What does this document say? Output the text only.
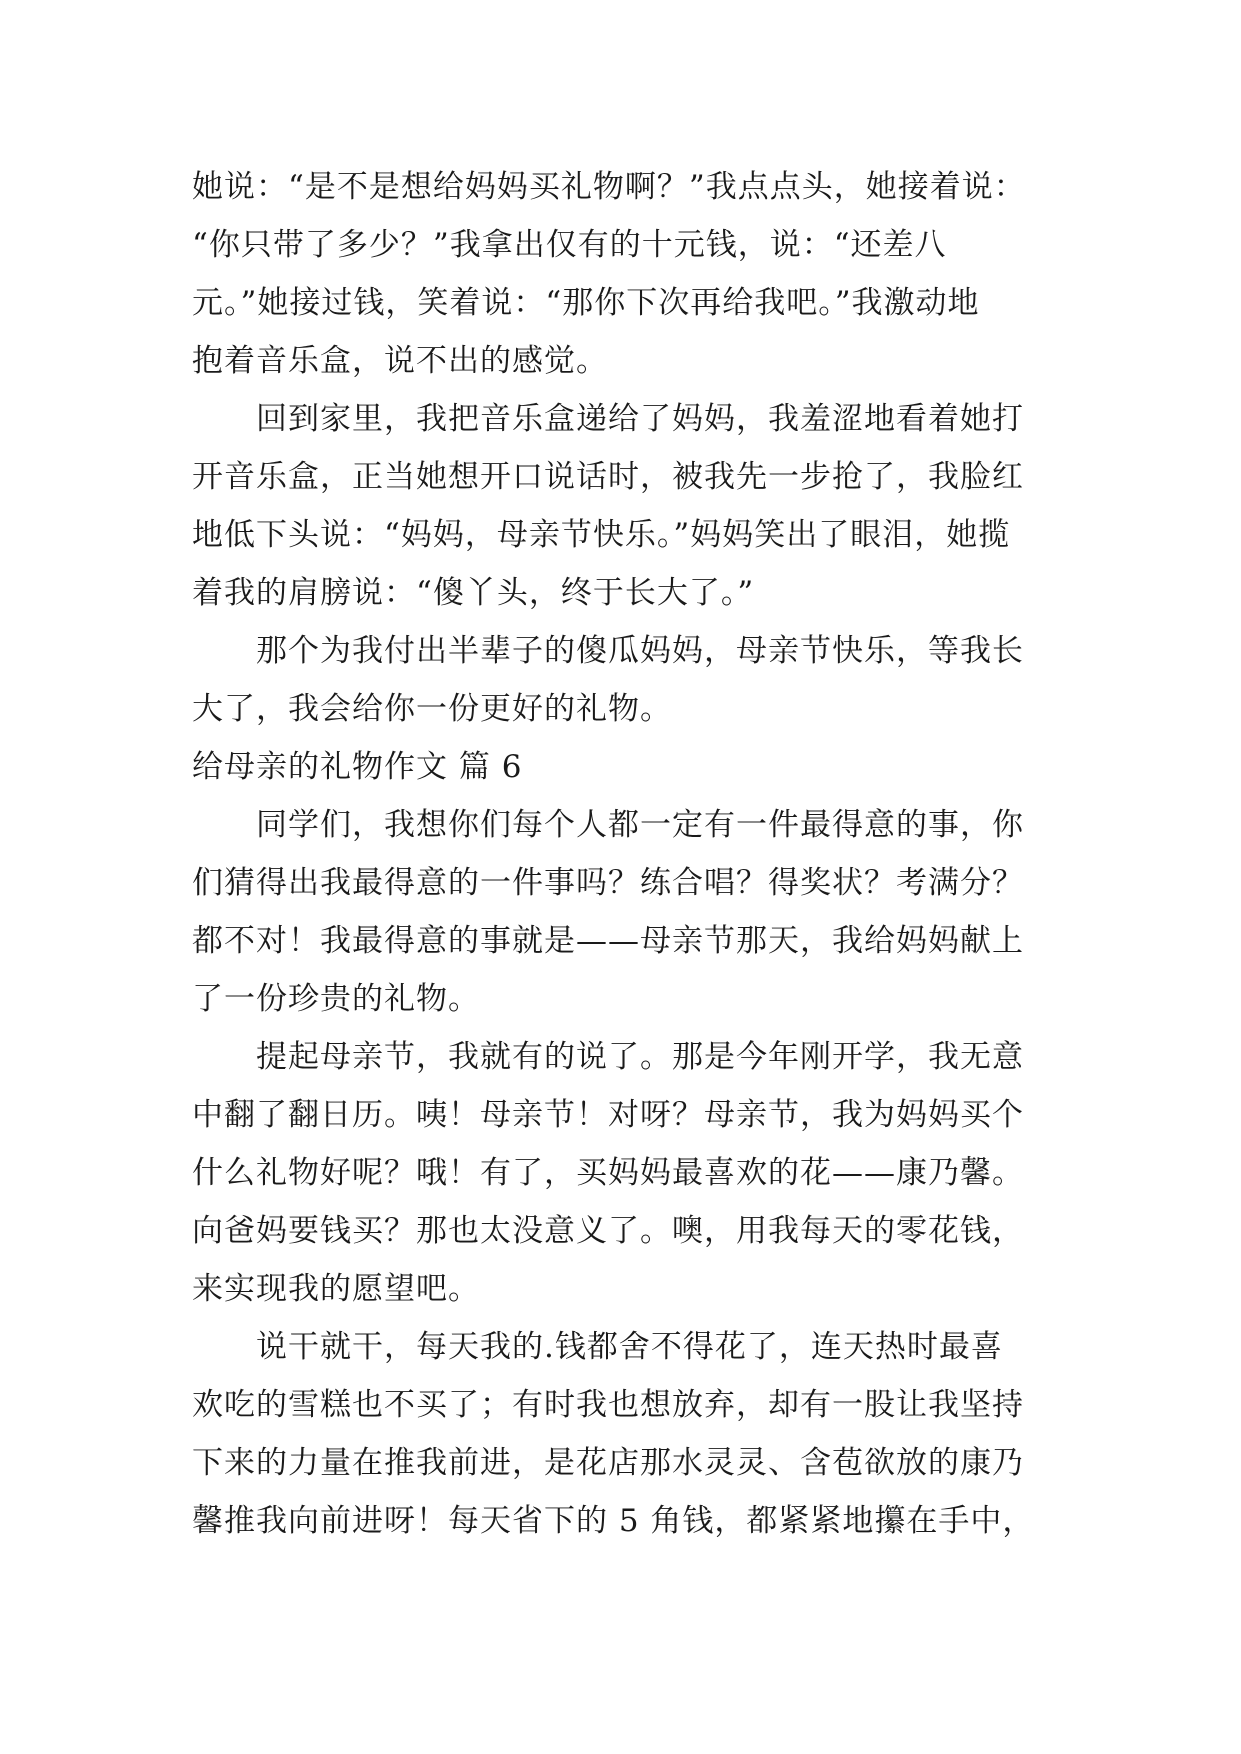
她说：“是不是想给妈妈买礼物啊？”我点点头，她接着说：
“你只带了多少？”我拿出仅有的十元钱，说：“还差八
元。”她接过钱，笑着说：“那你下次再给我吧。”我激动地
抱着音乐盒，说不出的感觉。
回到家里，我把音乐盒递给了妈妈，我羞涩地看着她打
开音乐盒，正当她想开口说话时，被我先一步抢了，我脸红
地低下头说：“妈妈，母亲节快乐。”妈妈笑出了眼泪，她揽
着我的肩膀说：“傻丫头，终于长大了。”
那个为我付出半辈子的傻瓜妈妈，母亲节快乐，等我长
大了，我会给你一份更好的礼物。
给母亲的礼物作文 篇 6
同学们，我想你们每个人都一定有一件最得意的事，你
们猜得出我最得意的一件事吗？练合唱？得奖状？考满分？
都不对！我最得意的事就是——母亲节那天，我给妈妈献上
了一份珍贵的礼物。
提起母亲节，我就有的说了。那是今年刚开学，我无意
中翻了翻日历。咦！母亲节！对呀？母亲节，我为妈妈买个
什么礼物好呢？哦！有了，买妈妈最喜欢的花——康乃馨。
向爸妈要钱买？那也太没意义了。噢，用我每天的零花钱，
来实现我的愿望吧。
说干就干，每天我的.钱都舍不得花了，连天热时最喜
欢吃的雪糕也不买了；有时我也想放弃，却有一股让我坚持
下来的力量在推我前进，是花店那水灵灵、含苞欲放的康乃
馨推我向前进呀！每天省下的 5 角钱，都紧紧地攥在手中，
